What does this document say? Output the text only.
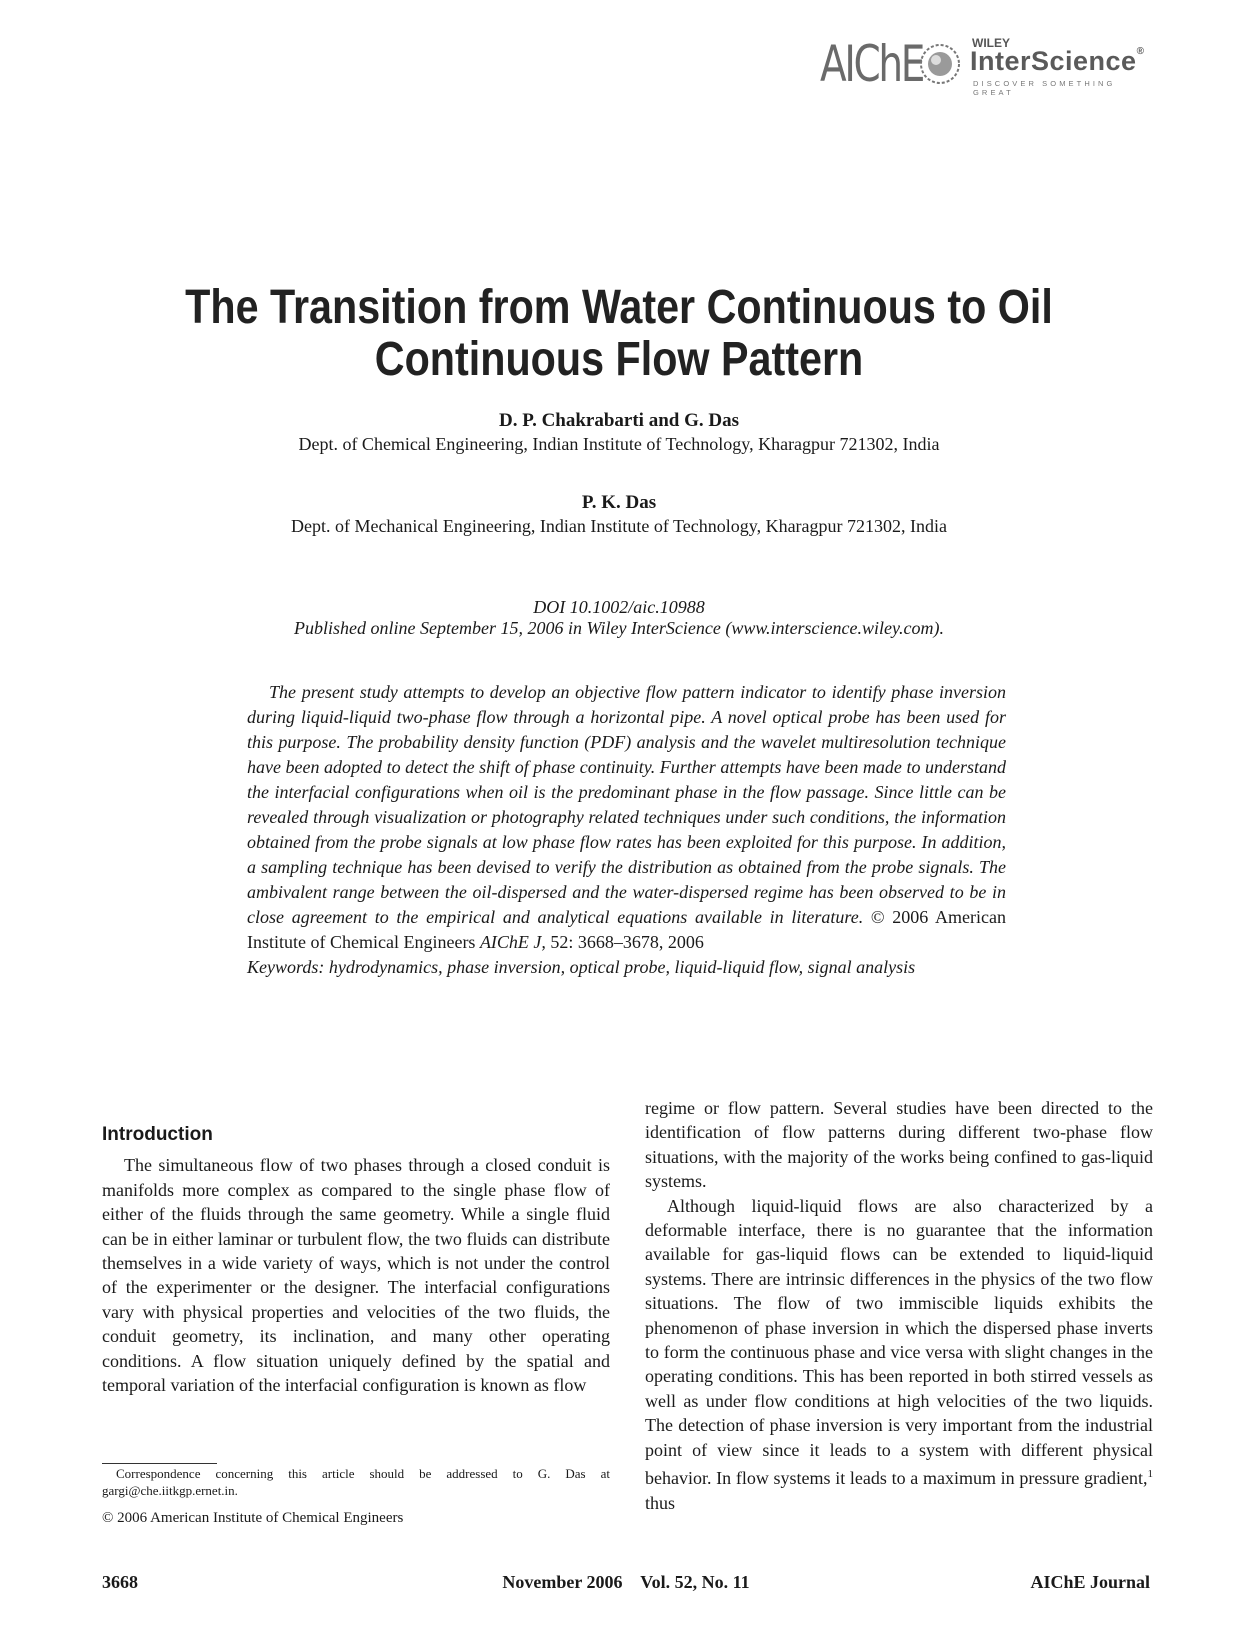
AIChE	WILEY
InterScience®
DISCOVER SOMETHING GREAT
The Transition from Water Continuous to Oil
Continuous Flow Pattern
D. P. Chakrabarti and G. Das
Dept. of Chemical Engineering, Indian Institute of Technology, Kharagpur 721302, India
P. K. Das
Dept. of Mechanical Engineering, Indian Institute of Technology, Kharagpur 721302, India
DOI 10.1002/aic.10988
Published online September 15, 2006 in Wiley InterScience (www.interscience.wiley.com).

The present study attempts to develop an objective flow pattern indicator to identify phase inversion during liquid-liquid two-phase flow through a horizontal pipe. A novel optical probe has been used for this purpose. The probability density function (PDF) analysis and the wavelet multiresolution technique have been adopted to detect the shift of phase continuity. Further attempts have been made to understand the interfacial configurations when oil is the predominant phase in the flow passage. Since little can be revealed through visualization or photography related techniques under such conditions, the information obtained from the probe signals at low phase flow rates has been exploited for this purpose. In addition, a sampling technique has been devised to verify the distribution as obtained from the probe signals. The ambivalent range between the oil-dispersed and the water-dispersed regime has been observed to be in close agreement to the empirical and analytical equations available in literature. © 2006 American Institute of Chemical Engineers AIChE J, 52: 3668–3678, 2006

Keywords: hydrodynamics, phase inversion, optical probe, liquid-liquid flow, signal analysis
Introduction

The simultaneous flow of two phases through a closed conduit is manifolds more complex as compared to the single phase flow of either of the fluids through the same geometry. While a single fluid can be in either laminar or turbulent flow, the two fluids can distribute themselves in a wide variety of ways, which is not under the control of the experimenter or the designer. The interfacial configurations vary with physical properties and velocities of the two fluids, the conduit geometry, its inclination, and many other operating conditions. A flow situation uniquely defined by the spatial and temporal variation of the interfacial configuration is known as flow

Correspondence concerning this article should be addressed to G. Das at gargi@che.iitkgp.ernet.in.
© 2006 American Institute of Chemical Engineers

regime or flow pattern. Several studies have been directed to the identification of flow patterns during different two-phase flow situations, with the majority of the works being confined to gas-liquid systems.

Although liquid-liquid flows are also characterized by a deformable interface, there is no guarantee that the information available for gas-liquid flows can be extended to liquid-liquid systems. There are intrinsic differences in the physics of the two flow situations. The flow of two immiscible liquids exhibits the phenomenon of phase inversion in which the dispersed phase inverts to form the continuous phase and vice versa with slight changes in the operating conditions. This has been reported in both stirred vessels as well as under flow conditions at high velocities of the two liquids. The detection of phase inversion is very important from the industrial point of view since it leads to a system with different physical behavior. In flow systems it leads to a maximum in pressure gradient,$^1$ thus

3668	November 2006    Vol. 52, No. 11	AIChE Journal
